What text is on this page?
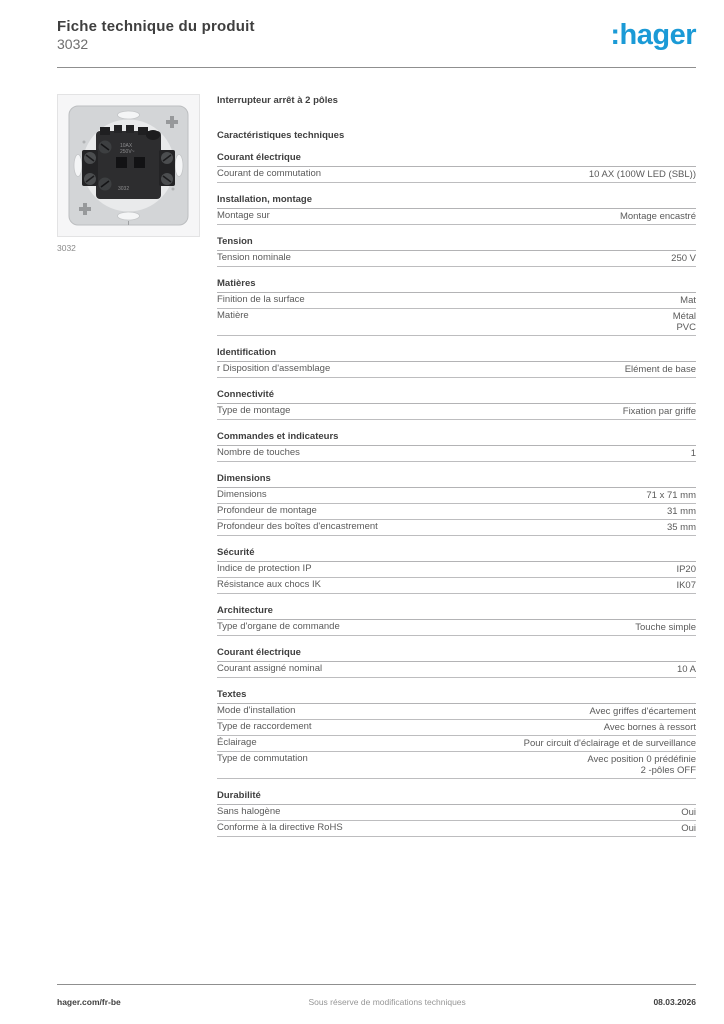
Fiche technique du produit
3032	:hager
10AX
250V~
3032
3032
Interrupteur arrêt à 2 pôles
Caractéristiques techniques
Courant électrique
Courant de commutation	10 AX (100W LED (SBL))
Installation, montage
Montage sur	Montage encastré
Tension
Tension nominale	250 V
Matières
Finition de la surface	Mat
Matière	Métal
PVC
Identification
r Disposition d'assemblage	Elément de base
Connectivité
Type de montage	Fixation par griffe
Commandes et indicateurs
Nombre de touches	1
Dimensions
Dimensions	71 x 71 mm
Profondeur de montage	31 mm
Profondeur des boîtes d'encastrement	35 mm
Sécurité
Indice de protection IP	IP20
Résistance aux chocs IK	IK07
Architecture
Type d'organe de commande	Touche simple
Courant électrique
Courant assigné nominal	10 A
Textes
Mode d'installation	Avec griffes d'écartement
Type de raccordement	Avec bornes à ressort
Éclairage	Pour circuit d'éclairage et de surveillance
Type de commutation	Avec position 0 prédéfinie
2 -pôles OFF
Durabilité
Sans halogène	Oui
Conforme à la directive RoHS	Oui
hager.com/fr-be	Sous réserve de modifications techniques	08.03.2026
